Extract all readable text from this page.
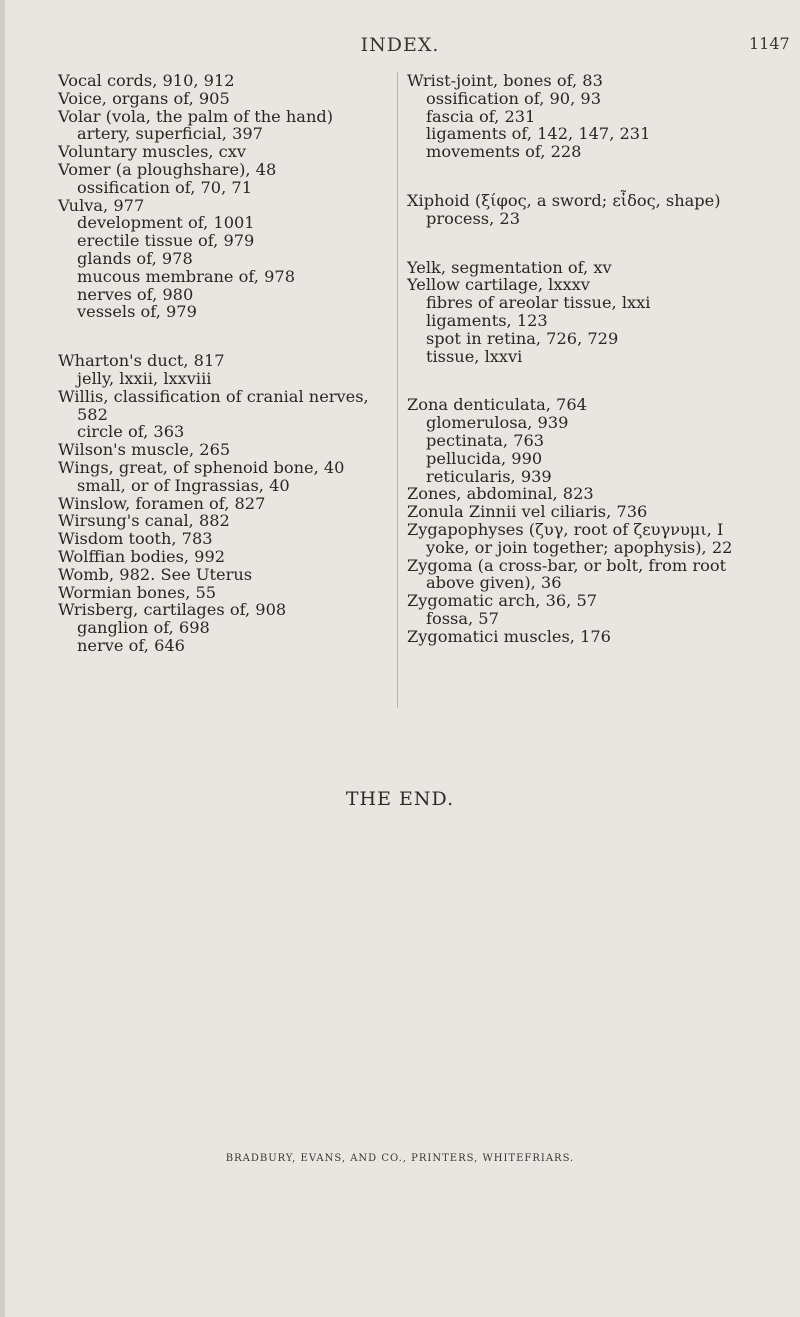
INDEX.	1147

Vocal cords, 910, 912

Voice, organs of, 905

Volar (vola, the palm of the hand) artery, superficial, 397

Voluntary muscles, cxv

Vomer (a ploughshare), 48

ossification of, 70, 71

Vulva, 977

development of, 1001

erectile tissue of, 979

glands of, 978

mucous membrane of, 978

nerves of, 980

vessels of, 979

Wharton's duct, 817

jelly, lxxii, lxxviii

Willis, classification of cranial nerves, 582

circle of, 363

Wilson's muscle, 265

Wings, great, of sphenoid bone, 40

small, or of Ingrassias, 40

Winslow, foramen of, 827

Wirsung's canal, 882

Wisdom tooth, 783

Wolffian bodies, 992

Womb, 982. See Uterus

Wormian bones, 55

Wrisberg, cartilages of, 908

ganglion of, 698

nerve of, 646

Wrist-joint, bones of, 83

ossification of, 90, 93

fascia of, 231

ligaments of, 142, 147, 231

movements of, 228

Xiphoid (ξίφος, a sword; εἶδος, shape) process, 23

Yelk, segmentation of, xv

Yellow cartilage, lxxxv

fibres of areolar tissue, lxxi

ligaments, 123

spot in retina, 726, 729

tissue, lxxvi

Zona denticulata, 764

glomerulosa, 939

pectinata, 763

pellucida, 990

reticularis, 939

Zones, abdominal, 823

Zonula Zinnii vel ciliaris, 736

Zygapophyses (ζυγ, root of ζευγνυμι, I yoke, or join together; apophysis), 22

Zygoma (a cross-bar, or bolt, from root above given), 36

Zygomatic arch, 36, 57

fossa, 57

Zygomatici muscles, 176

THE END.
BRADBURY, EVANS, AND CO., PRINTERS, WHITEFRIARS.
